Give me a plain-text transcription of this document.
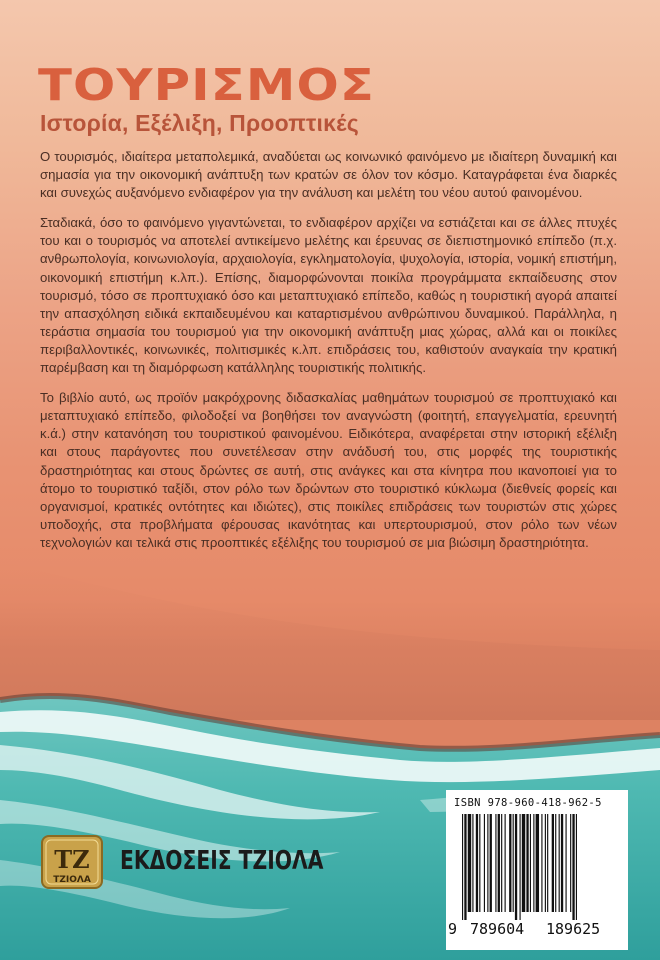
ΤΟΥΡΙΣΜΟΣ
Ιστορία, Εξέλιξη, Προοπτικές

Ο τουρισμός, ιδιαίτερα μεταπολεμικά, αναδύεται ως κοινωνικό φαινόμενο με ιδιαίτερη δυναμική και σημασία για την οικονομική ανάπτυξη των κρατών σε όλον τον κόσμο. Καταγράφεται ένα διαρκές και συνεχώς αυξανόμενο ενδιαφέρον για την ανάλυση και μελέτη του νέου αυτού φαινομένου.

Σταδιακά, όσο το φαινόμενο γιγαντώνεται, το ενδιαφέρον αρχίζει να εστιάζεται και σε άλλες πτυχές του και ο τουρισμός να αποτελεί αντικείμενο μελέτης και έρευνας σε διεπιστημονικό επίπεδο (π.χ. ανθρωπολογία, κοινωνιολογία, αρχαιολογία, εγκληματολογία, ψυχολογία, ιστορία, νομική επιστήμη, οικονομική επιστήμη κ.λπ.). Επίσης, διαμορφώνονται ποικίλα προγράμματα εκπαίδευσης στον τουρισμό, τόσο σε προπτυχιακό όσο και μεταπτυχιακό επίπεδο, καθώς η τουριστική αγορά απαιτεί την απασχόληση ειδικά εκπαιδευμένου και καταρτισμένου ανθρώπινου δυναμικού. Παράλληλα, η τεράστια σημασία του τουρισμού για την οικονομική ανάπτυξη μιας χώρας, αλλά και οι ποικίλες περιβαλλοντικές, κοινωνικές, πολιτισμικές κ.λπ. επιδράσεις του, καθιστούν αναγκαία την κρατική παρέμβαση και τη διαμόρφωση κατάλληλης τουριστικής πολιτικής.

Το βιβλίο αυτό, ως προϊόν μακρόχρονης διδασκαλίας μαθημάτων τουρισμού σε προπτυχιακό και μεταπτυχιακό επίπεδο, φιλοδοξεί να βοηθήσει τον αναγνώστη (φοιτητή, επαγγελματία, ερευνητή κ.ά.) στην κατανόηση του τουριστικού φαινομένου. Ειδικότερα, αναφέρεται στην ιστορική εξέλιξη και στους παράγοντες που συνετέλεσαν στην ανάδυσή του, στις μορφές της τουριστικής δραστηριότητας και στους δρώντες σε αυτή, στις ανάγκες και στα κίνητρα που ικανοποιεί για το άτομο το τουριστικό ταξίδι, στον ρόλο των δρώντων στο τουριστικό κύκλωμα (διεθνείς φορείς και οργανισμοί, κρατικές οντότητες και ιδιώτες), στις ποικίλες επιδράσεις των τουριστών στις χώρες υποδοχής, στα προβλήματα φέρουσας ικανότητας και υπερτουρισμού, στον ρόλο των νέων τεχνολογιών και τελικά στις προοπτικές εξέλιξης του τουρισμού σε μια βιώσιμη δραστηριότητα.

ΤΖ
ΤΖΙΟΛΑ
ΕΚΔΟΣΕΙΣ ΤΖΙΟΛΑ
ISBN 978-960-418-962-5
9 789604 189625
